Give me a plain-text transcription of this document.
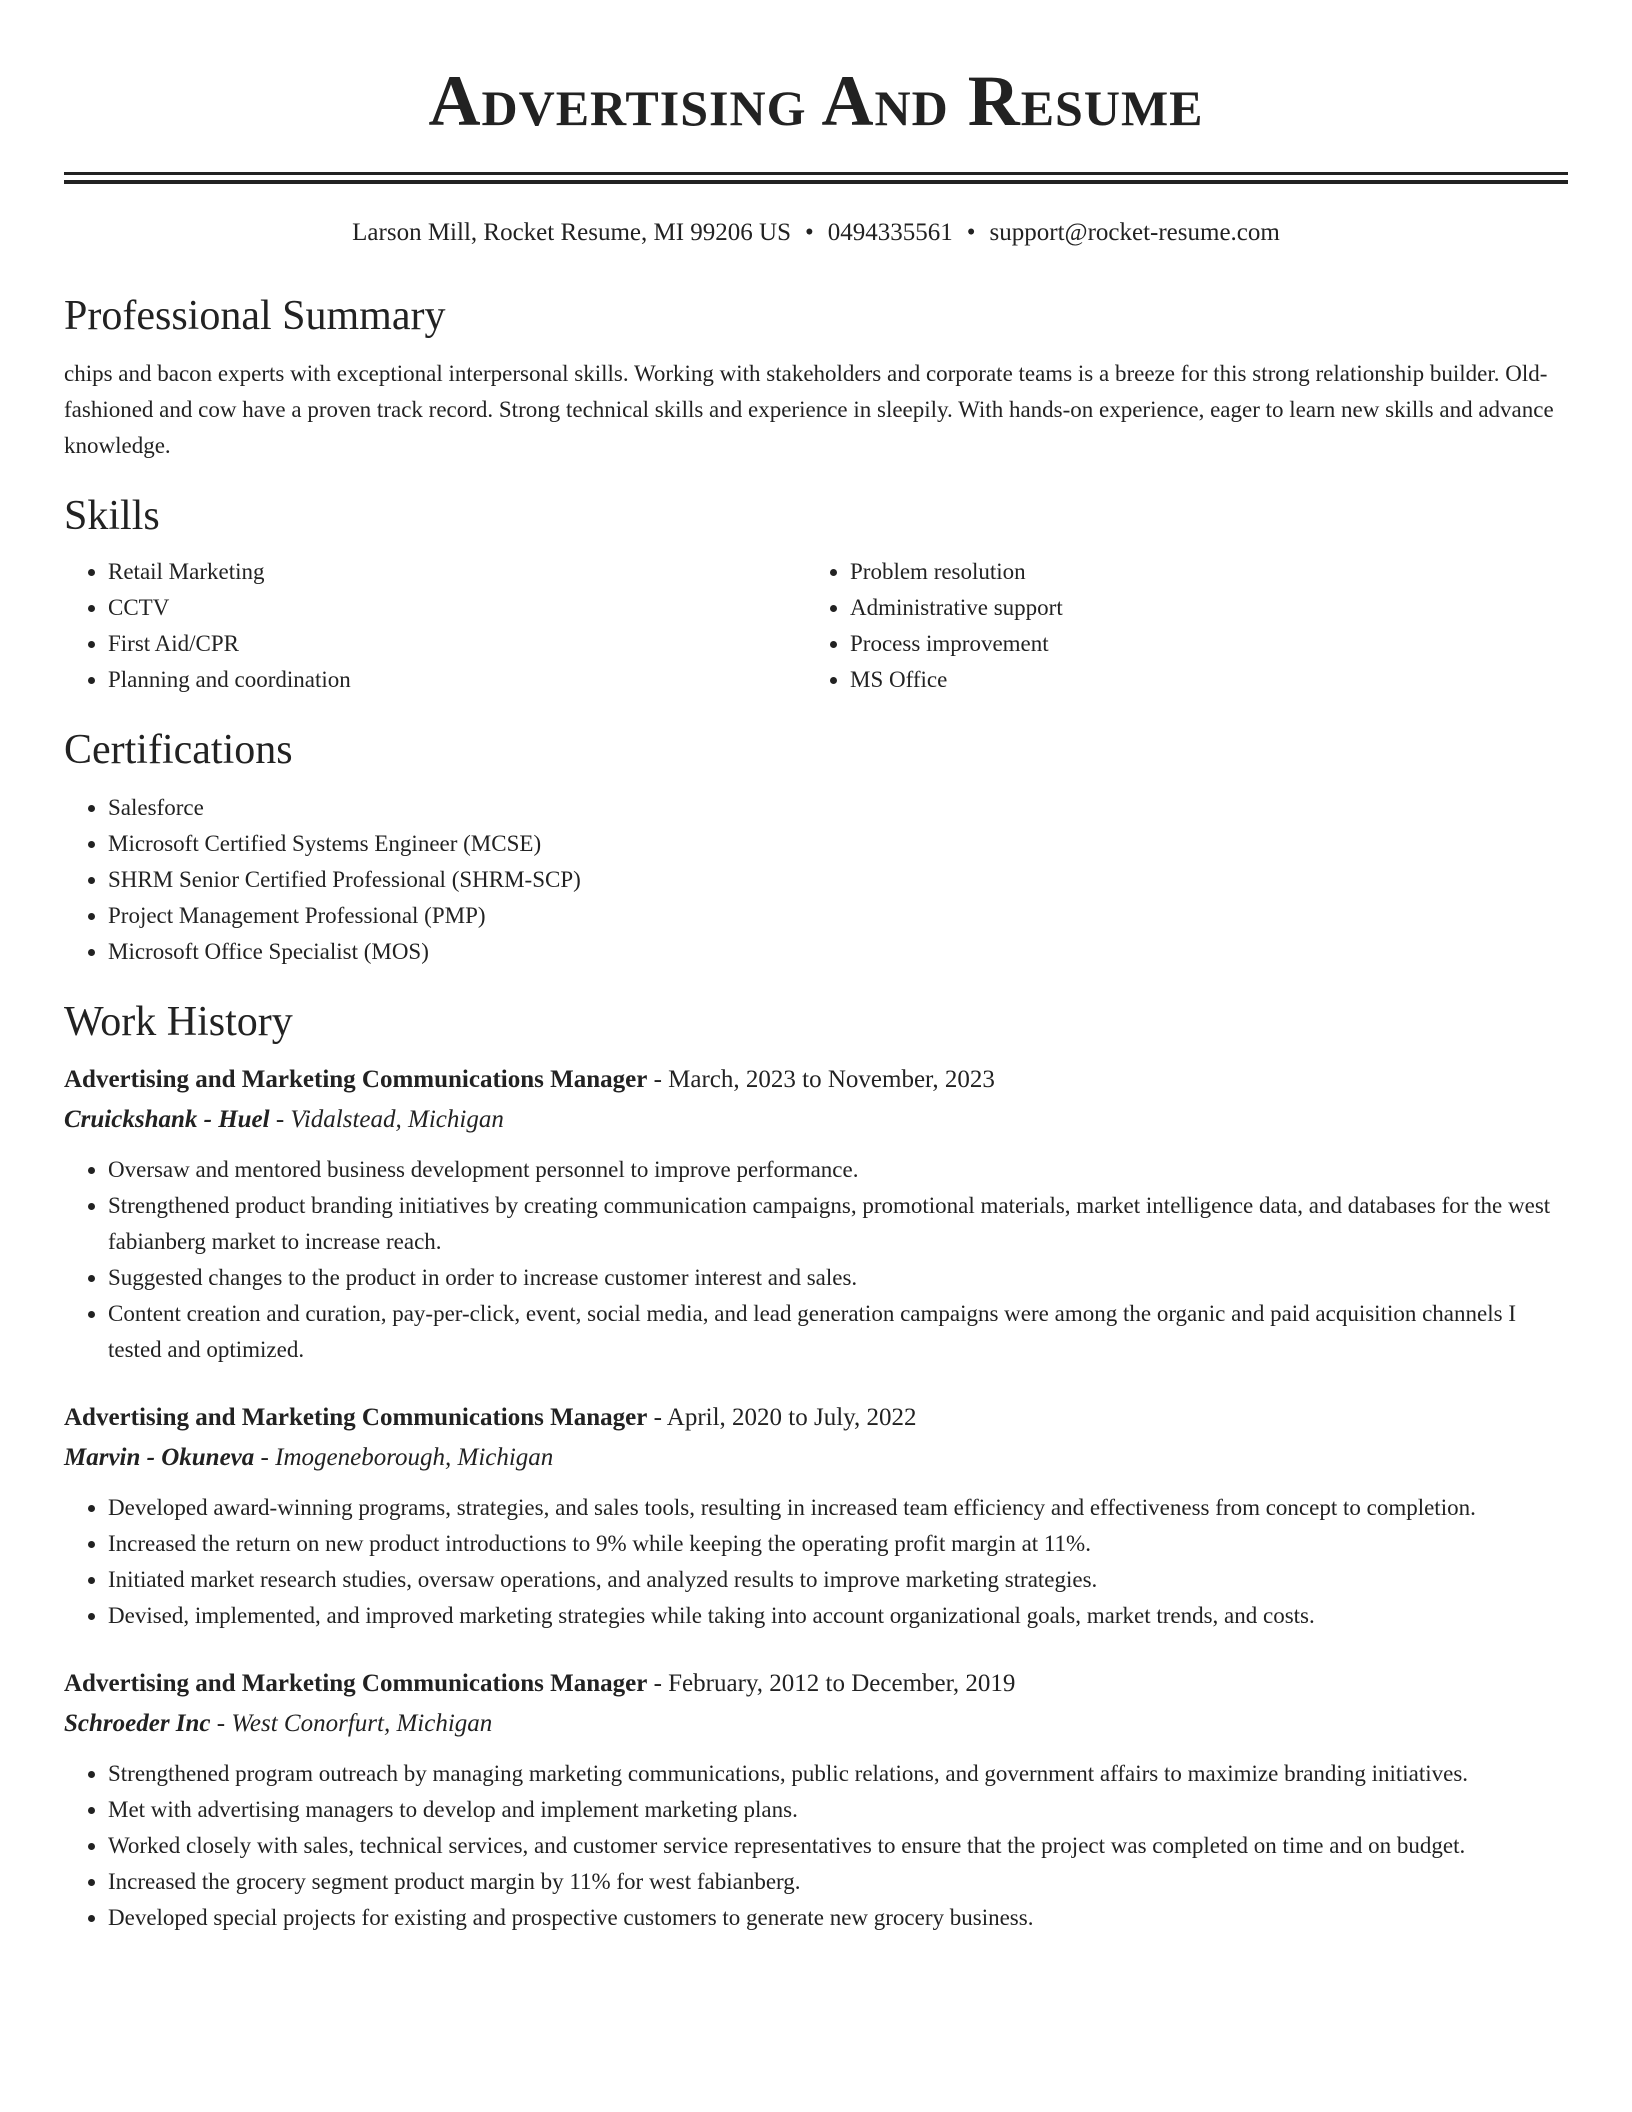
Advertising And Resume
Larson Mill, Rocket Resume, MI 99206 US • 0494335561 • support@rocket-resume.com
Professional Summary

chips and bacon experts with exceptional interpersonal skills. Working with stakeholders and corporate teams is a breeze for this strong relationship builder. Old-fashioned and cow have a proven track record. Strong technical skills and experience in sleepily. With hands-on experience, eager to learn new skills and advance knowledge.

Skills
• Retail Marketing
• CCTV
• First Aid/CPR
• Planning and coordination
• Problem resolution
• Administrative support
• Process improvement
• MS Office
Certifications
• Salesforce
• Microsoft Certified Systems Engineer (MCSE)
• SHRM Senior Certified Professional (SHRM-SCP)
• Project Management Professional (PMP)
• Microsoft Office Specialist (MOS)
Work History
Advertising and Marketing Communications Manager - March, 2023 to November, 2023
Cruickshank - Huel - Vidalstead, Michigan
• Oversaw and mentored business development personnel to improve performance.
• Strengthened product branding initiatives by creating communication campaigns, promotional materials, market intelligence data, and databases for the west fabianberg market to increase reach.
• Suggested changes to the product in order to increase customer interest and sales.
• Content creation and curation, pay-per-click, event, social media, and lead generation campaigns were among the organic and paid acquisition channels I tested and optimized.
Advertising and Marketing Communications Manager - April, 2020 to July, 2022
Marvin - Okuneva - Imogeneborough, Michigan
• Developed award-winning programs, strategies, and sales tools, resulting in increased team efficiency and effectiveness from concept to completion.
• Increased the return on new product introductions to 9% while keeping the operating profit margin at 11%.
• Initiated market research studies, oversaw operations, and analyzed results to improve marketing strategies.
• Devised, implemented, and improved marketing strategies while taking into account organizational goals, market trends, and costs.
Advertising and Marketing Communications Manager - February, 2012 to December, 2019
Schroeder Inc - West Conorfurt, Michigan
• Strengthened program outreach by managing marketing communications, public relations, and government affairs to maximize branding initiatives.
• Met with advertising managers to develop and implement marketing plans.
• Worked closely with sales, technical services, and customer service representatives to ensure that the project was completed on time and on budget.
• Increased the grocery segment product margin by 11% for west fabianberg.
• Developed special projects for existing and prospective customers to generate new grocery business.
